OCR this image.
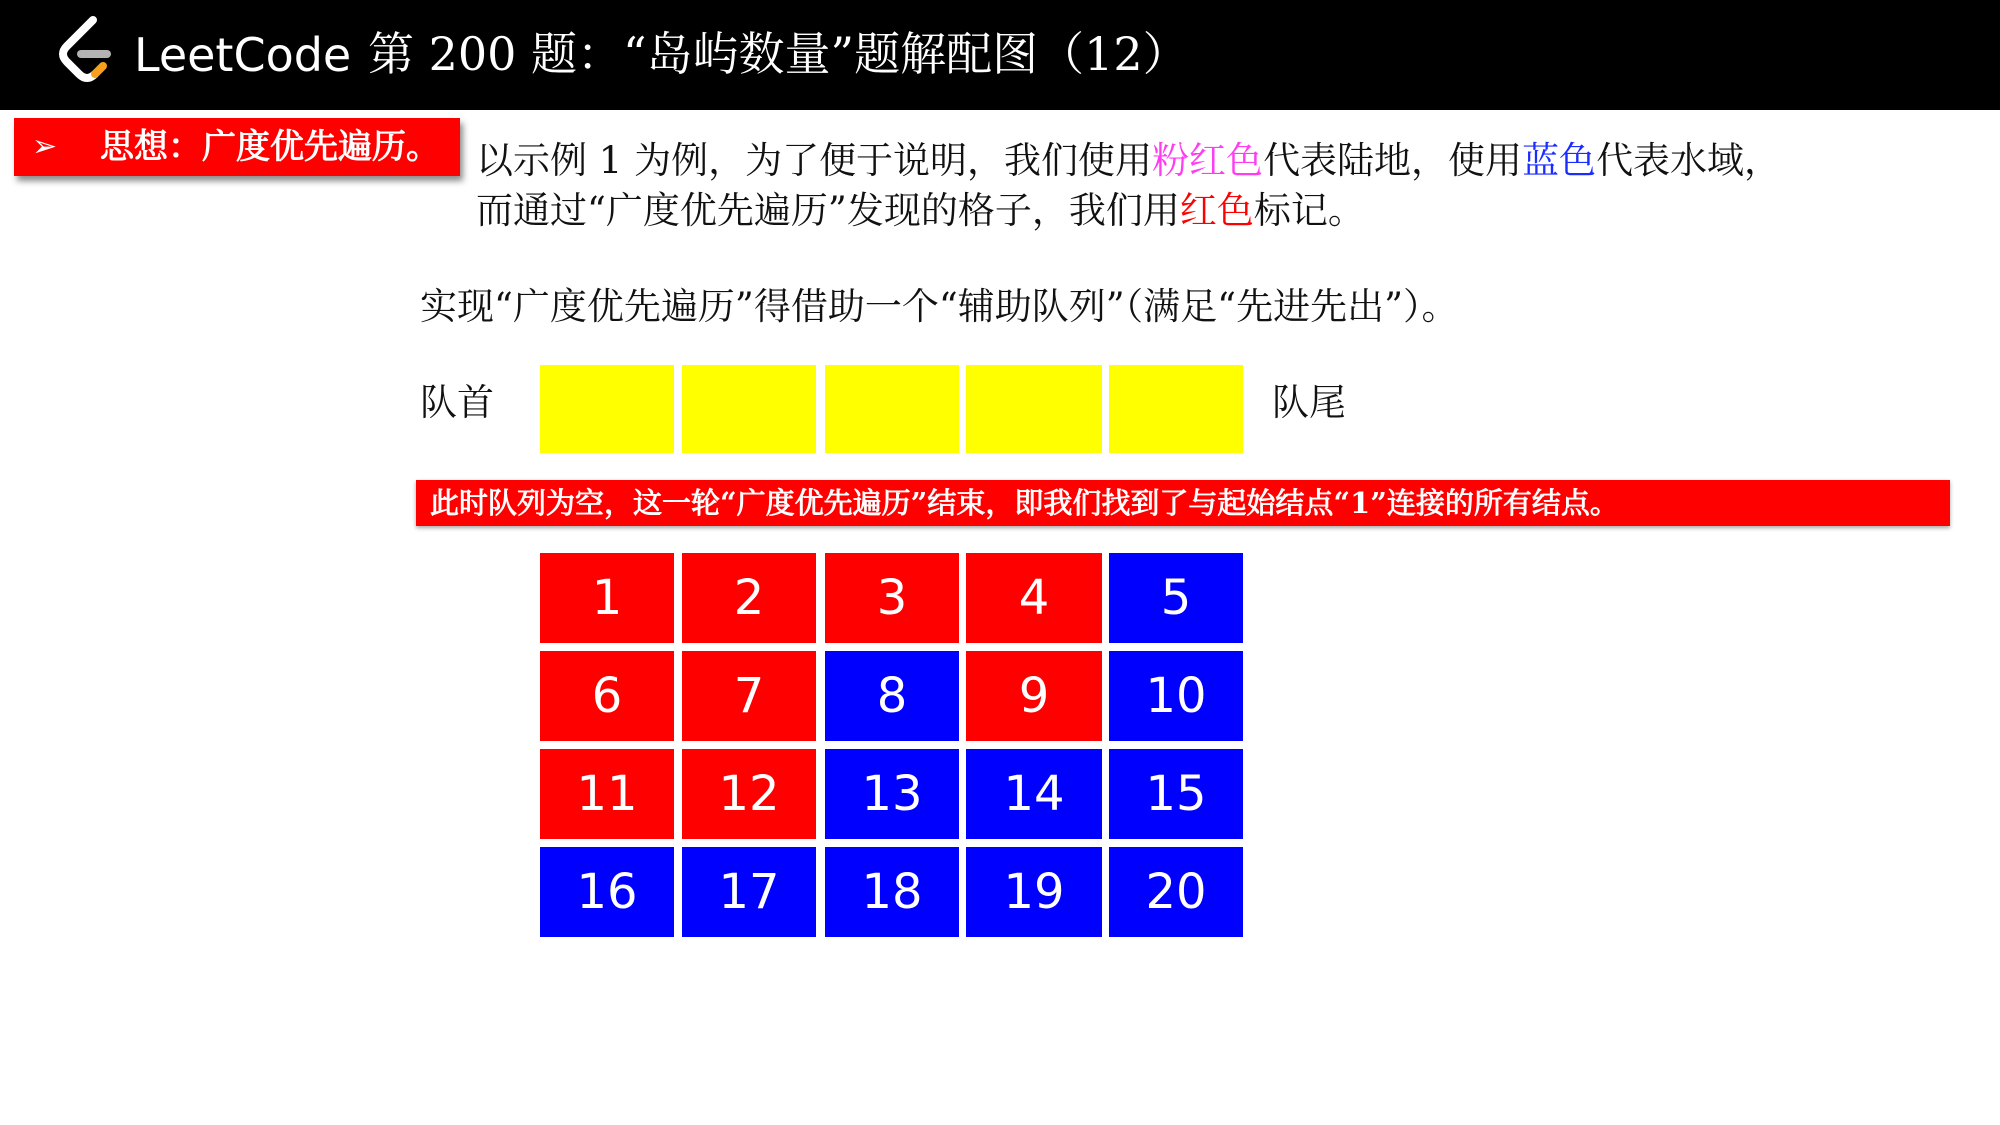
LeetCode 第 200 题：“岛屿数量”题解配图（12）
➢ 思想：广度优先遍历。 以示例 1 为例，为了便于说明，我们使用粉红色代表陆地，使用蓝色代表水域，
而通过“广度优先遍历”发现的格子，我们用红色标记。
实现“广度优先遍历”得借助一个“辅助队列”（满足“先进先出”）。
队首	队尾
此时队列为空，这一轮“广度优先遍历”结束，即我们找到了与起始结点“1”连接的所有结点。
1	2	3	4	5
6	7	8	9	10
11	12	13	14	15
16	17	18	19	20
